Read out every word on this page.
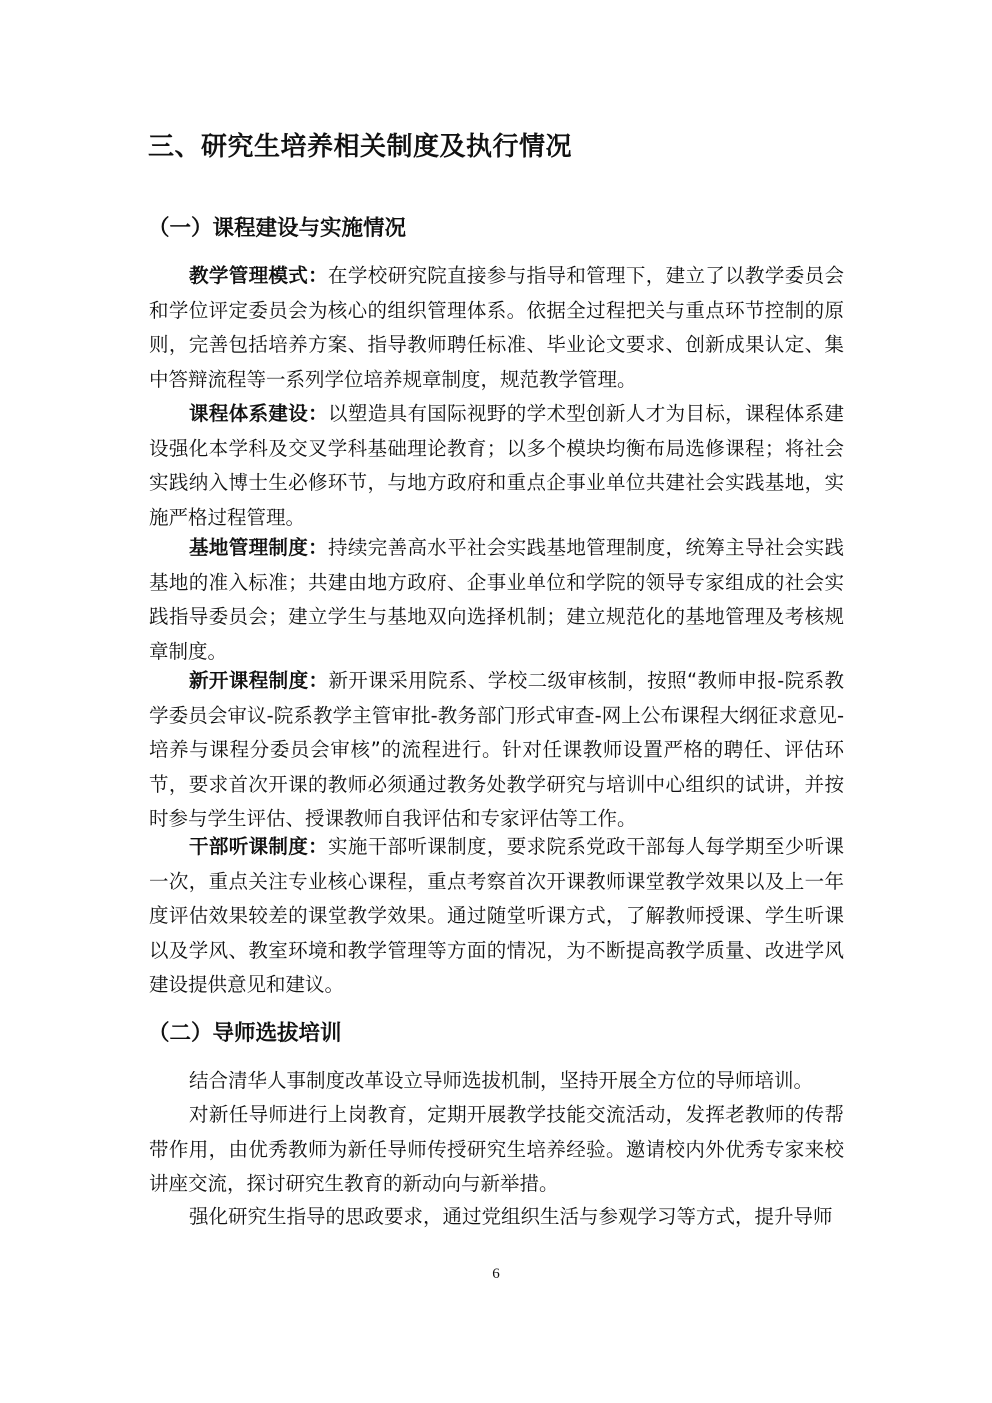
三、研究生培养相关制度及执行情况
（一）课程建设与实施情况

教学管理模式：在学校研究院直接参与指导和管理下，建立了以教学委员会和学位评定委员会为核心的组织管理体系。依据全过程把关与重点环节控制的原则，完善包括培养方案、指导教师聘任标准、毕业论文要求、创新成果认定、集中答辩流程等一系列学位培养规章制度，规范教学管理。

课程体系建设：以塑造具有国际视野的学术型创新人才为目标，课程体系建设强化本学科及交叉学科基础理论教育；以多个模块均衡布局选修课程；将社会实践纳入博士生必修环节，与地方政府和重点企事业单位共建社会实践基地，实施严格过程管理。

基地管理制度：持续完善高水平社会实践基地管理制度，统筹主导社会实践基地的准入标准；共建由地方政府、企事业单位和学院的领导专家组成的社会实践指导委员会；建立学生与基地双向选择机制；建立规范化的基地管理及考核规章制度。

新开课程制度：新开课采用院系、学校二级审核制，按照“教师申报-院系教学委员会审议-院系教学主管审批-教务部门形式审查-网上公布课程大纲征求意见-培养与课程分委员会审核”的流程进行。针对任课教师设置严格的聘任、评估环节，要求首次开课的教师必须通过教务处教学研究与培训中心组织的试讲，并按时参与学生评估、授课教师自我评估和专家评估等工作。

干部听课制度：实施干部听课制度，要求院系党政干部每人每学期至少听课一次，重点关注专业核心课程，重点考察首次开课教师课堂教学效果以及上一年度评估效果较差的课堂教学效果。通过随堂听课方式，了解教师授课、学生听课以及学风、教室环境和教学管理等方面的情况，为不断提高教学质量、改进学风建设提供意见和建议。

（二）导师选拔培训

结合清华人事制度改革设立导师选拔机制，坚持开展全方位的导师培训。

对新任导师进行上岗教育，定期开展教学技能交流活动，发挥老教师的传帮带作用，由优秀教师为新任导师传授研究生培养经验。邀请校内外优秀专家来校讲座交流，探讨研究生教育的新动向与新举措。

强化研究生指导的思政要求，通过党组织生活与参观学习等方式，提升导师

6
